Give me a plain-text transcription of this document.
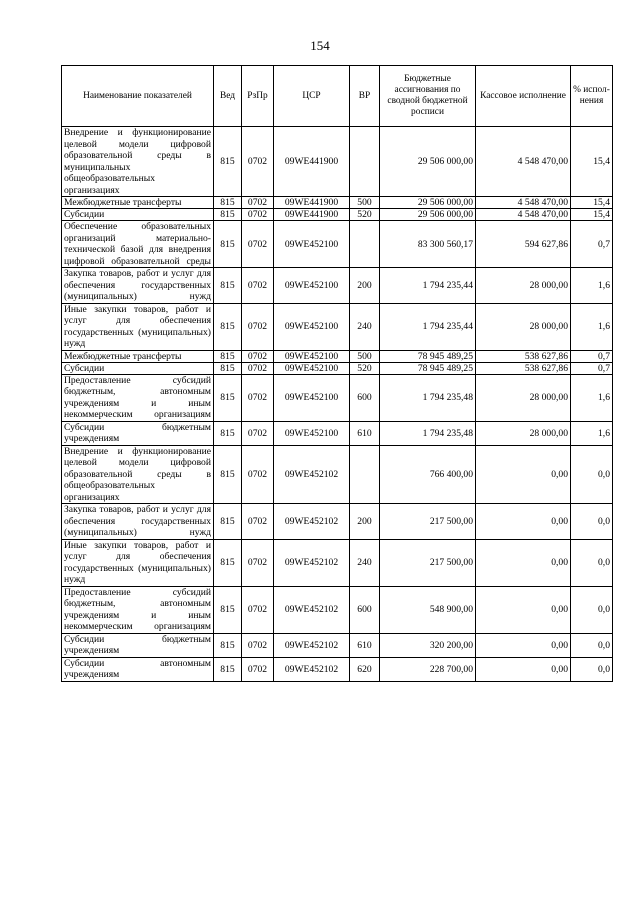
154
Наименование показателей	Вед	РзПр	ЦСР	ВР	Бюджетные ассигнования по сводной бюджетной росписи	Кассовое исполнение	% испол- нения
Внедрение и функционирование целевой модели цифровой образовательной среды в муниципальных общеобразовательных организациях	815	0702	09WE441900		29 506 000,00	4 548 470,00	15,4
Межбюджетные трансферты	815	0702	09WE441900	500	29 506 000,00	4 548 470,00	15,4
Субсидии	815	0702	09WE441900	520	29 506 000,00	4 548 470,00	15,4
Обеспечение образовательных организаций материально-технической базой для внедрения цифровой образовательной среды	815	0702	09WE452100		83 300 560,17	594 627,86	0,7
Закупка товаров, работ и услуг для обеспечения государственных (муниципальных) нужд	815	0702	09WE452100	200	1 794 235,44	28 000,00	1,6
Иные закупки товаров, работ и услуг для обеспечения государственных (муниципальных) нужд	815	0702	09WE452100	240	1 794 235,44	28 000,00	1,6
Межбюджетные трансферты	815	0702	09WE452100	500	78 945 489,25	538 627,86	0,7
Субсидии	815	0702	09WE452100	520	78 945 489,25	538 627,86	0,7
Предоставление субсидий бюджетным, автономным учреждениям и иным некоммерческим организациям	815	0702	09WE452100	600	1 794 235,48	28 000,00	1,6
Субсидии бюджетным учреждениям	815	0702	09WE452100	610	1 794 235,48	28 000,00	1,6
Внедрение и функционирование целевой модели цифровой образовательной среды в общеобразовательных организациях	815	0702	09WE452102		766 400,00	0,00	0,0
Закупка товаров, работ и услуг для обеспечения государственных (муниципальных) нужд	815	0702	09WE452102	200	217 500,00	0,00	0,0
Иные закупки товаров, работ и услуг для обеспечения государственных (муниципальных) нужд	815	0702	09WE452102	240	217 500,00	0,00	0,0
Предоставление субсидий бюджетным, автономным учреждениям и иным некоммерческим организациям	815	0702	09WE452102	600	548 900,00	0,00	0,0
Субсидии бюджетным учреждениям	815	0702	09WE452102	610	320 200,00	0,00	0,0
Субсидии автономным учреждениям	815	0702	09WE452102	620	228 700,00	0,00	0,0
